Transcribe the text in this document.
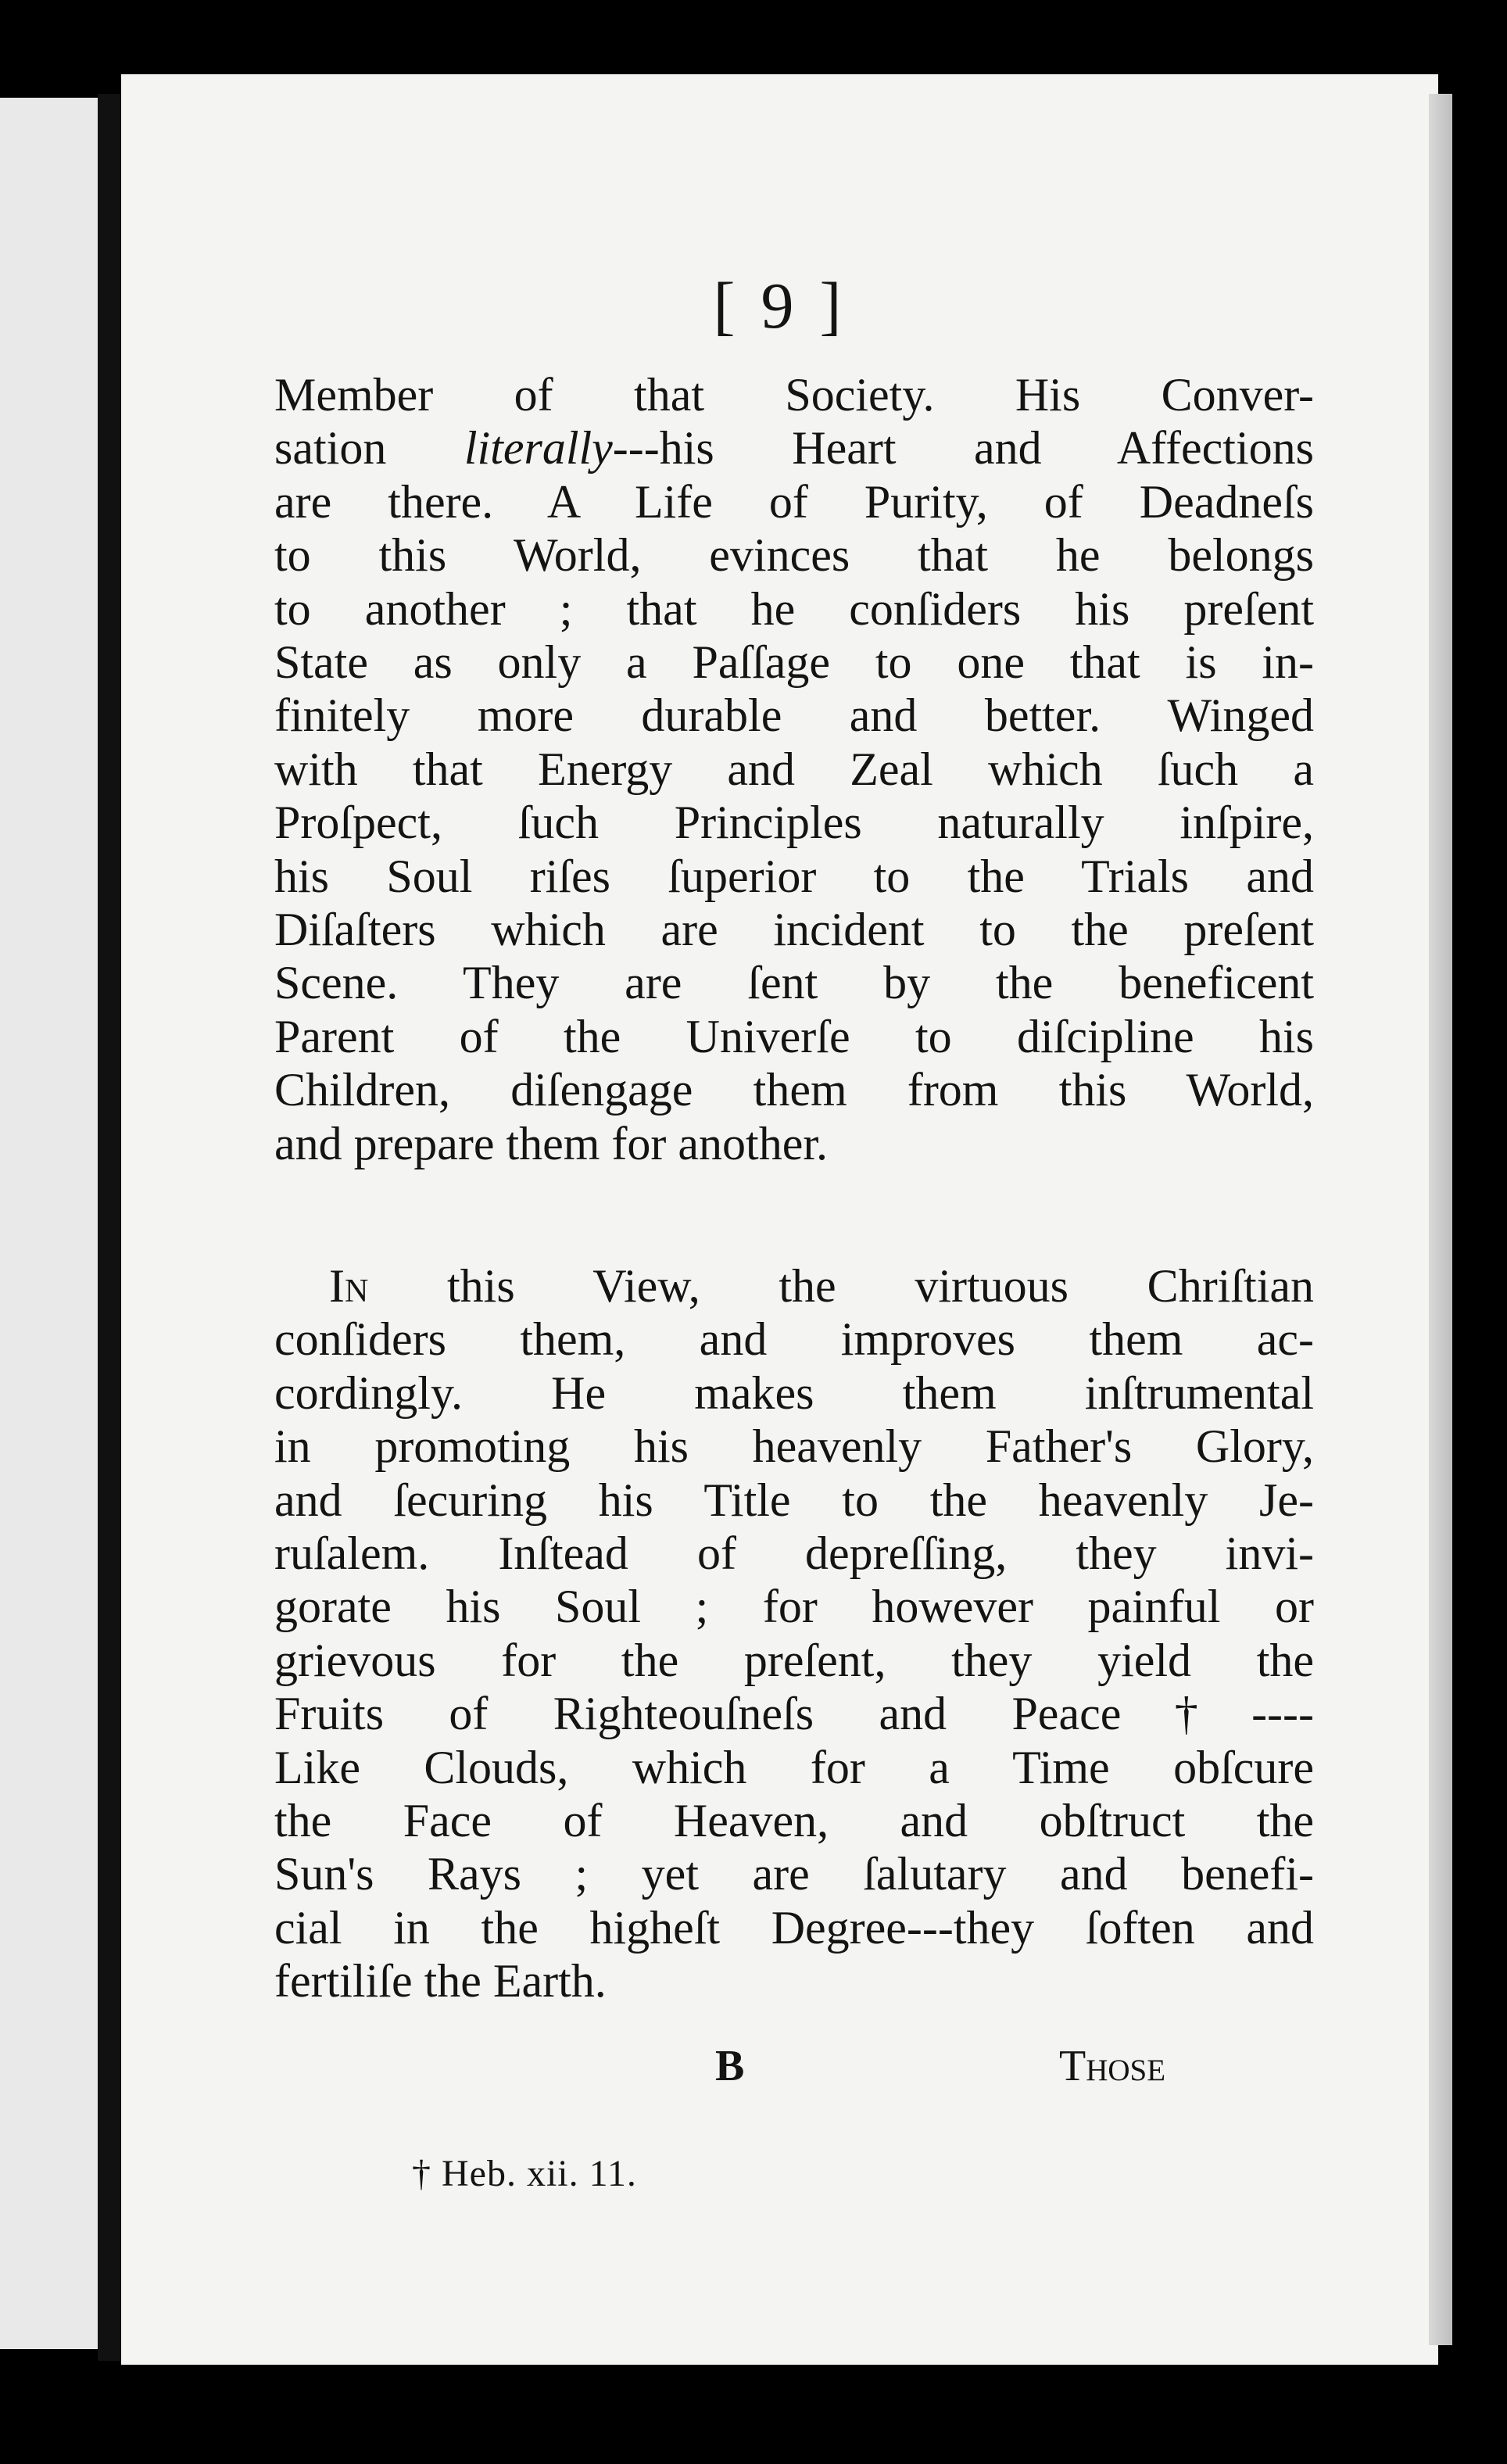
[ 9 ]
Member of that Society. His Conver-
sation literally---his Heart and Affections
are there. A Life of Purity, of Deadneſs
to this World, evinces that he belongs
to another ; that he conſiders his preſent
State as only a Paſſage to one that is in-
finitely more durable and better. Winged
with that Energy and Zeal which ſuch a
Proſpect, ſuch Principles naturally inſpire,
his Soul riſes ſuperior to the Trials and
Diſaſters which are incident to the preſent
Scene. They are ſent by the beneficent
Parent of the Univerſe to diſcipline his
Children, diſengage them from this World,
and prepare them for another.
In this View, the virtuous Chriſtian
conſiders them, and improves them ac-
cordingly. He makes them inſtrumental
in promoting his heavenly Father's Glory,
and ſecuring his Title to the heavenly Je-
ruſalem. Inſtead of depreſſing, they invi-
gorate his Soul ; for however painful or
grievous for the preſent, they yield the
Fruits of Righteouſneſs and Peace†----
Like Clouds, which for a Time obſcure
the Face of Heaven, and obſtruct the
Sun's Rays ; yet are ſalutary and benefi-
cial in the higheſt Degree---they ſoften and
fertiliſe the Earth.
B	Those
† Heb. xii. 11.
